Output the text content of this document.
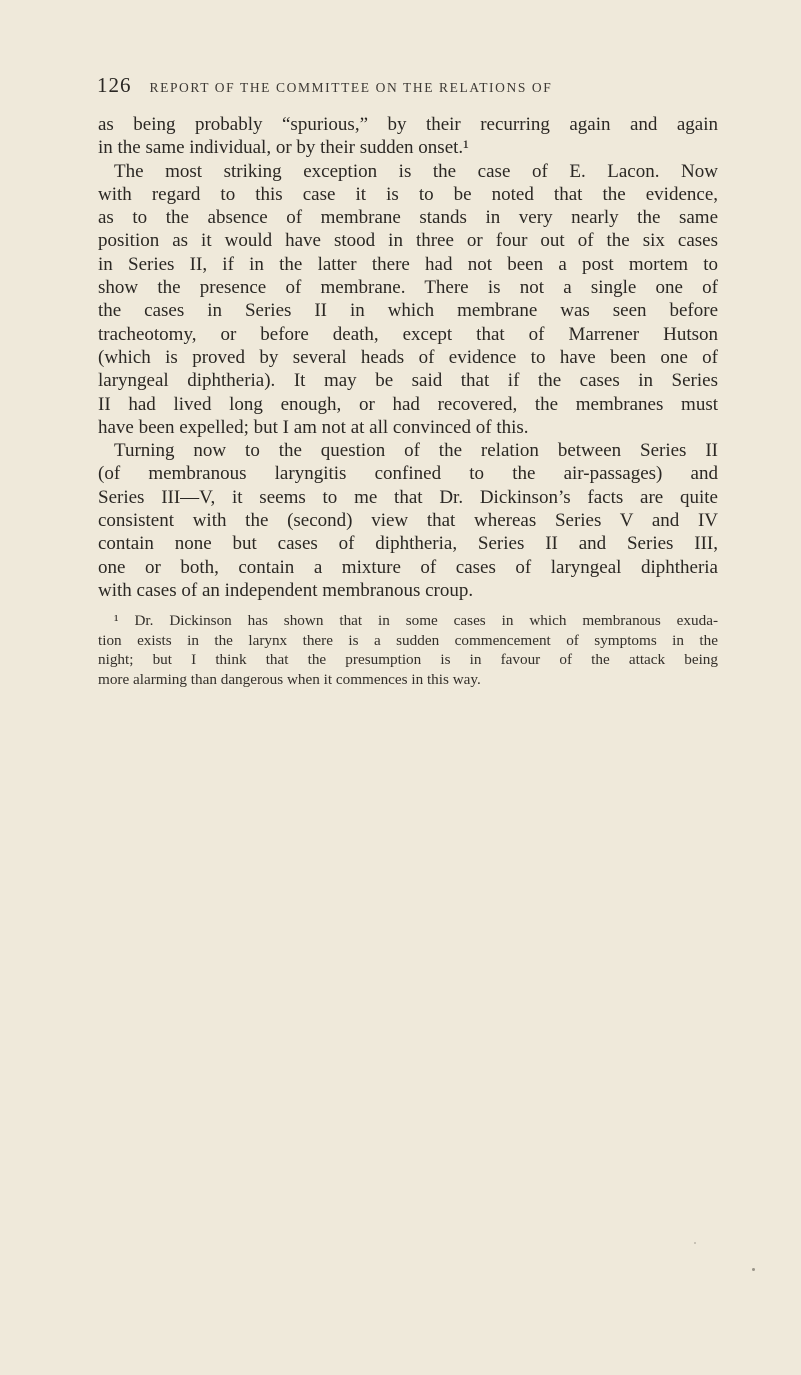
126 REPORT OF THE COMMITTEE ON THE RELATIONS OF
as being probably “spurious,” by their recurring again and again
in the same individual, or by their sudden onset.¹
The most striking exception is the case of E. Lacon. Now
with regard to this case it is to be noted that the evidence,
as to the absence of membrane stands in very nearly the same
position as it would have stood in three or four out of the six cases
in Series II, if in the latter there had not been a post mortem to
show the presence of membrane. There is not a single one of
the cases in Series II in which membrane was seen before
tracheotomy, or before death, except that of Marrener Hutson
(which is proved by several heads of evidence to have been one of
laryngeal diphtheria). It may be said that if the cases in Series
II had lived long enough, or had recovered, the membranes must
have been expelled; but I am not at all convinced of this.
Turning now to the question of the relation between Series II
(of membranous laryngitis confined to the air-passages) and
Series III—V, it seems to me that Dr. Dickinson’s facts are quite
consistent with the (second) view that whereas Series V and IV
contain none but cases of diphtheria, Series II and Series III,
one or both, contain a mixture of cases of laryngeal diphtheria
with cases of an independent membranous croup.
¹ Dr. Dickinson has shown that in some cases in which membranous exuda-
tion exists in the larynx there is a sudden commencement of symptoms in the
night; but I think that the presumption is in favour of the attack being
more alarming than dangerous when it commences in this way.
